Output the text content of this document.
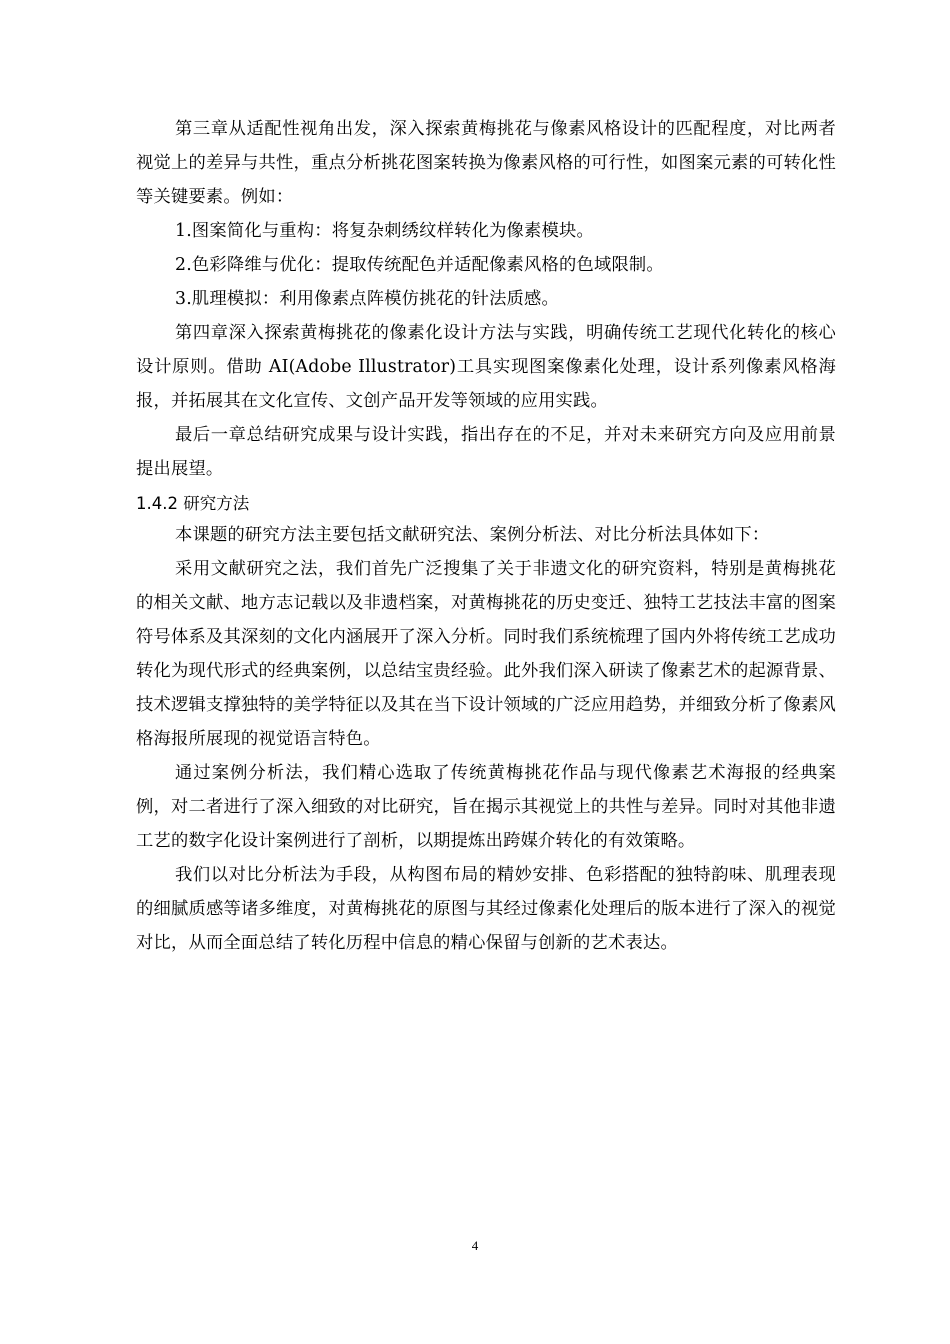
第三章从适配性视角出发，深入探索黄梅挑花与像素风格设计的匹配程度，对比两者视觉上的差异与共性，重点分析挑花图案转换为像素风格的可行性，如图案元素的可转化性等关键要素。例如：

1.图案简化与重构：将复杂刺绣纹样转化为像素模块。

2.色彩降维与优化：提取传统配色并适配像素风格的色域限制。

3.肌理模拟：利用像素点阵模仿挑花的针法质感。

第四章深入探索黄梅挑花的像素化设计方法与实践，明确传统工艺现代化转化的核心设计原则。借助 AI(Adobe Illustrator)工具实现图案像素化处理，设计系列像素风格海报，并拓展其在文化宣传、文创产品开发等领域的应用实践。

最后一章总结研究成果与设计实践，指出存在的不足，并对未来研究方向及应用前景提出展望。

1.4.2 研究方法

本课题的研究方法主要包括文献研究法、案例分析法、对比分析法具体如下：

采用文献研究之法，我们首先广泛搜集了关于非遗文化的研究资料，特别是黄梅挑花的相关文献、地方志记载以及非遗档案，对黄梅挑花的历史变迁、独特工艺技法丰富的图案符号体系及其深刻的文化内涵展开了深入分析。同时我们系统梳理了国内外将传统工艺成功转化为现代形式的经典案例，以总结宝贵经验。此外我们深入研读了像素艺术的起源背景、技术逻辑支撑独特的美学特征以及其在当下设计领域的广泛应用趋势，并细致分析了像素风格海报所展现的视觉语言特色。

通过案例分析法，我们精心选取了传统黄梅挑花作品与现代像素艺术海报的经典案例，对二者进行了深入细致的对比研究，旨在揭示其视觉上的共性与差异。同时对其他非遗工艺的数字化设计案例进行了剖析，以期提炼出跨媒介转化的有效策略。

我们以对比分析法为手段，从构图布局的精妙安排、色彩搭配的独特韵味、肌理表现的细腻质感等诸多维度，对黄梅挑花的原图与其经过像素化处理后的版本进行了深入的视觉对比，从而全面总结了转化历程中信息的精心保留与创新的艺术表达。

4
